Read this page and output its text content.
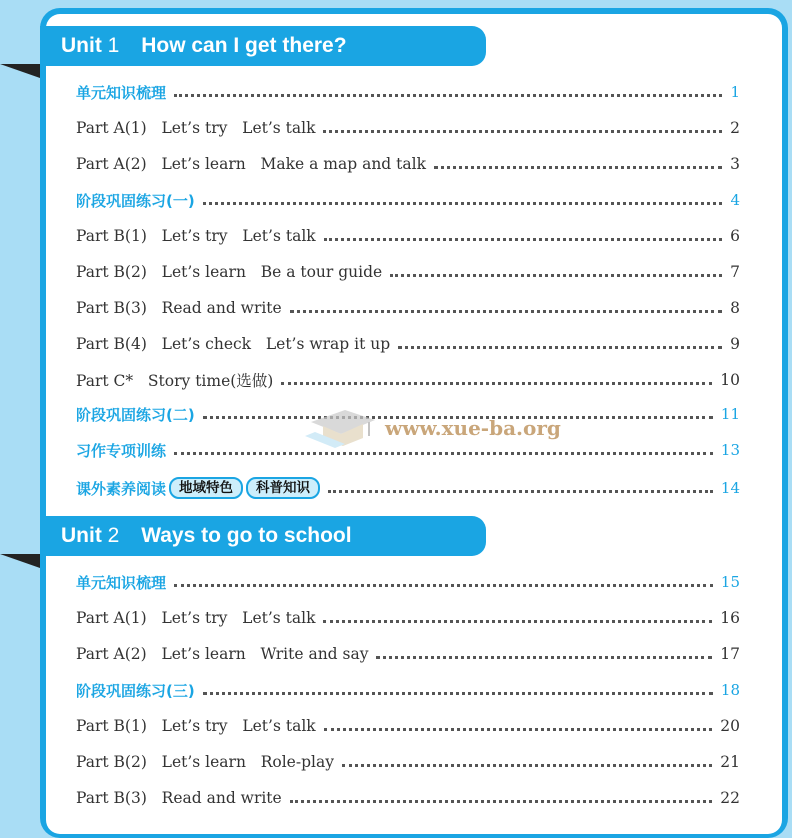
Unit 1 How can I get there?
单元知识梳理	1
Part A(1)   Let’s try   Let’s talk	2
Part A(2)   Let’s learn   Make a map and talk	3
阶段巩固练习(一)	4
Part B(1)   Let’s try   Let’s talk	6
Part B(2)   Let’s learn   Be a tour guide	7
Part B(3)   Read and write	8
Part B(4)   Let’s check   Let’s wrap it up	9
Part C*   Story time(选做)	10
阶段巩固练习(二)	11
习作专项训练	13
课外素养阅读 地域特色	科普知识	14
Unit 2 Ways to go to school
单元知识梳理	15
Part A(1)   Let’s try   Let’s talk	16
Part A(2)   Let’s learn   Write and say	17
阶段巩固练习(三)	18
Part B(1)   Let’s try   Let’s talk	20
Part B(2)   Let’s learn   Role-play	21
Part B(3)   Read and write	22
www.xue-ba.org
